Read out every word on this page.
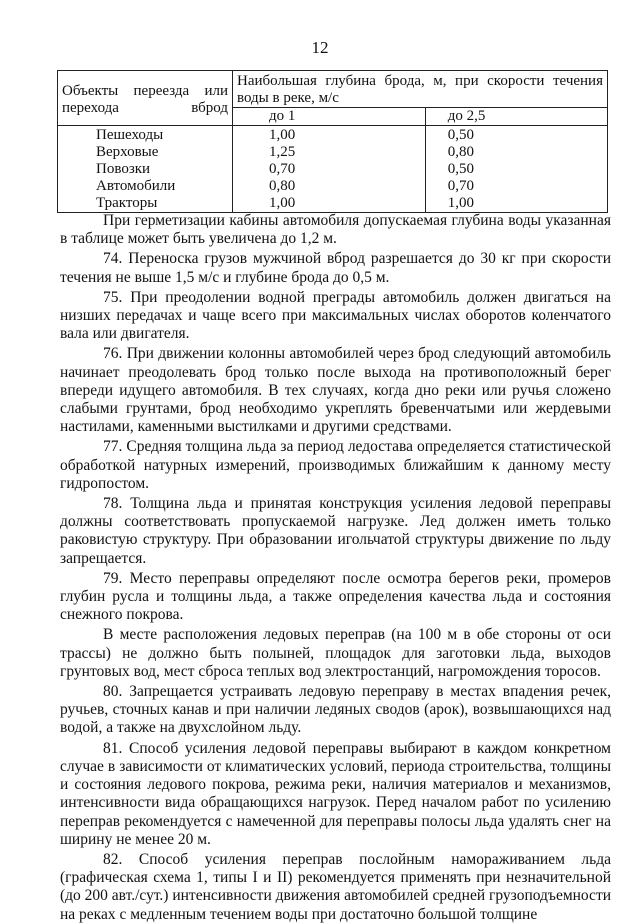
12
Объекты переезда или перехода вброд	Наибольшая глубина брода, м, при скорости течения воды в реке, м/с	
	до 1	до 2,5
Пешеходы	1,00	0,50
Верховые	1,25	0,80
Повозки	0,70	0,50
Автомобили	0,80	0,70
Тракторы	1,00	1,00

При герметизации кабины автомобиля допускаемая глубина воды указанная в таблице может быть увеличена до 1,2 м.

74. Переноска грузов мужчиной вброд разрешается до 30 кг при скорости течения не выше 1,5 м/с и глубине брода до 0,5 м.

75. При преодолении водной преграды автомобиль должен двигаться на низших передачах и чаще всего при максимальных числах оборотов коленчатого вала или двигателя.

76. При движении колонны автомобилей через брод следующий автомобиль начинает преодолевать брод только после выхода на противоположный берег впереди идущего автомобиля. В тех случаях, когда дно реки или ручья сложено слабыми грунтами, брод необходимо укреплять бревенчатыми или жердевыми настилами, каменными выстилками и другими средствами.

77. Средняя толщина льда за период ледостава определяется статистической обработкой натурных измерений, производимых ближайшим к данному месту гидропостом.

78. Толщина льда и принятая конструкция усиления ледовой переправы должны соответствовать пропускаемой нагрузке. Лед должен иметь только раковистую структуру. При образовании игольчатой структуры движение по льду запрещается.

79. Место переправы определяют после осмотра берегов реки, промеров глубин русла и толщины льда, а также определения качества льда и состояния снежного покрова.

В месте расположения ледовых переправ (на 100 м в обе стороны от оси трассы) не должно быть полыней, площадок для заготовки льда, выходов грунтовых вод, мест сброса теплых вод электростанций, нагромождения торосов.

80. Запрещается устраивать ледовую переправу в местах впадения речек, ручьев, сточных канав и при наличии ледяных сводов (арок), возвышающихся над водой, а также на двухслойном льду.

81. Способ усиления ледовой переправы выбирают в каждом конкретном случае в зависимости от климатических условий, периода строительства, толщины и состояния ледового покрова, режима реки, наличия материалов и механизмов, интенсивности вида обращающихся нагрузок. Перед началом работ по усилению переправ рекомендуется с намеченной для переправы полосы льда удалять снег на ширину не менее 20 м.

82. Способ усиления переправ послойным намораживанием льда (графическая схема 1, типы I и II) рекомендуется применять при незначительной (до 200 авт./сут.) интенсивности движения автомобилей средней грузоподъемности на реках с медленным течением воды при достаточно большой толщине
